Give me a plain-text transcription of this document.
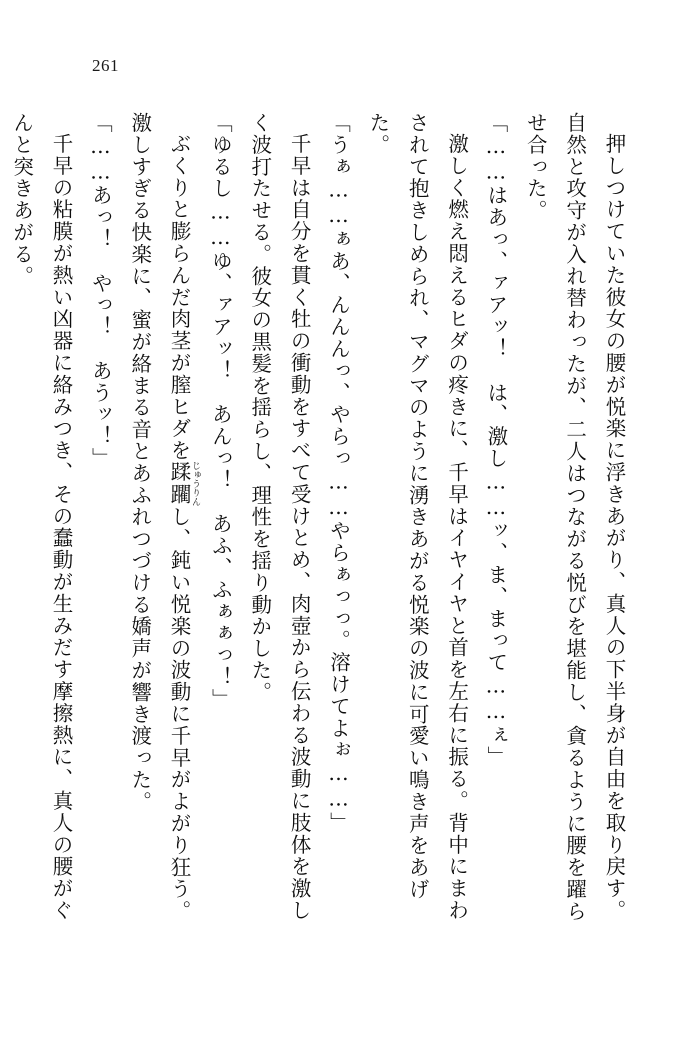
261

押しつけていた彼女の腰が悦楽に浮きあがり、真人の下半身が自由を取り戻す。自然と攻守が入れ替わったが、二人はつながる悦びを堪能し、貪るように腰を躍らせ合った。

「……はあっ、ァアッ！　は、激し……ッ、ま、まって……ぇ」

激しく燃え悶えるヒダの疼きに、千早はイヤイヤと首を左右に振る。背中にまわされて抱きしめられ、マグマのように湧きあがる悦楽の波に可愛い鳴き声をあげた。

「うぁ……ぁあ、んんんっ、やらっ……やらぁっっ。溶けてよぉ……」

千早は自分を貫く牡の衝動をすべて受けとめ、肉壺から伝わる波動に肢体を激しく波打たせる。彼女の黒髪を揺らし、理性を揺り動かした。

「ゆるし……ゆ、ァアッ！　あんっ！　あふ、ふぁぁっ！」

ぶくりと膨らんだ肉茎が膣ヒダを蹂躙 じゅうりんし、鈍い悦楽の波動に千早がよがり狂う。激しすぎる快楽に、蜜が絡まる音とあふれつづける嬌声が響き渡った。

「……あっ！　やっ！　あうッ！」

千早の粘膜が熱い凶器に絡みつき、その蠢動が生みだす摩擦熱に、真人の腰がぐんと突きあがる。
